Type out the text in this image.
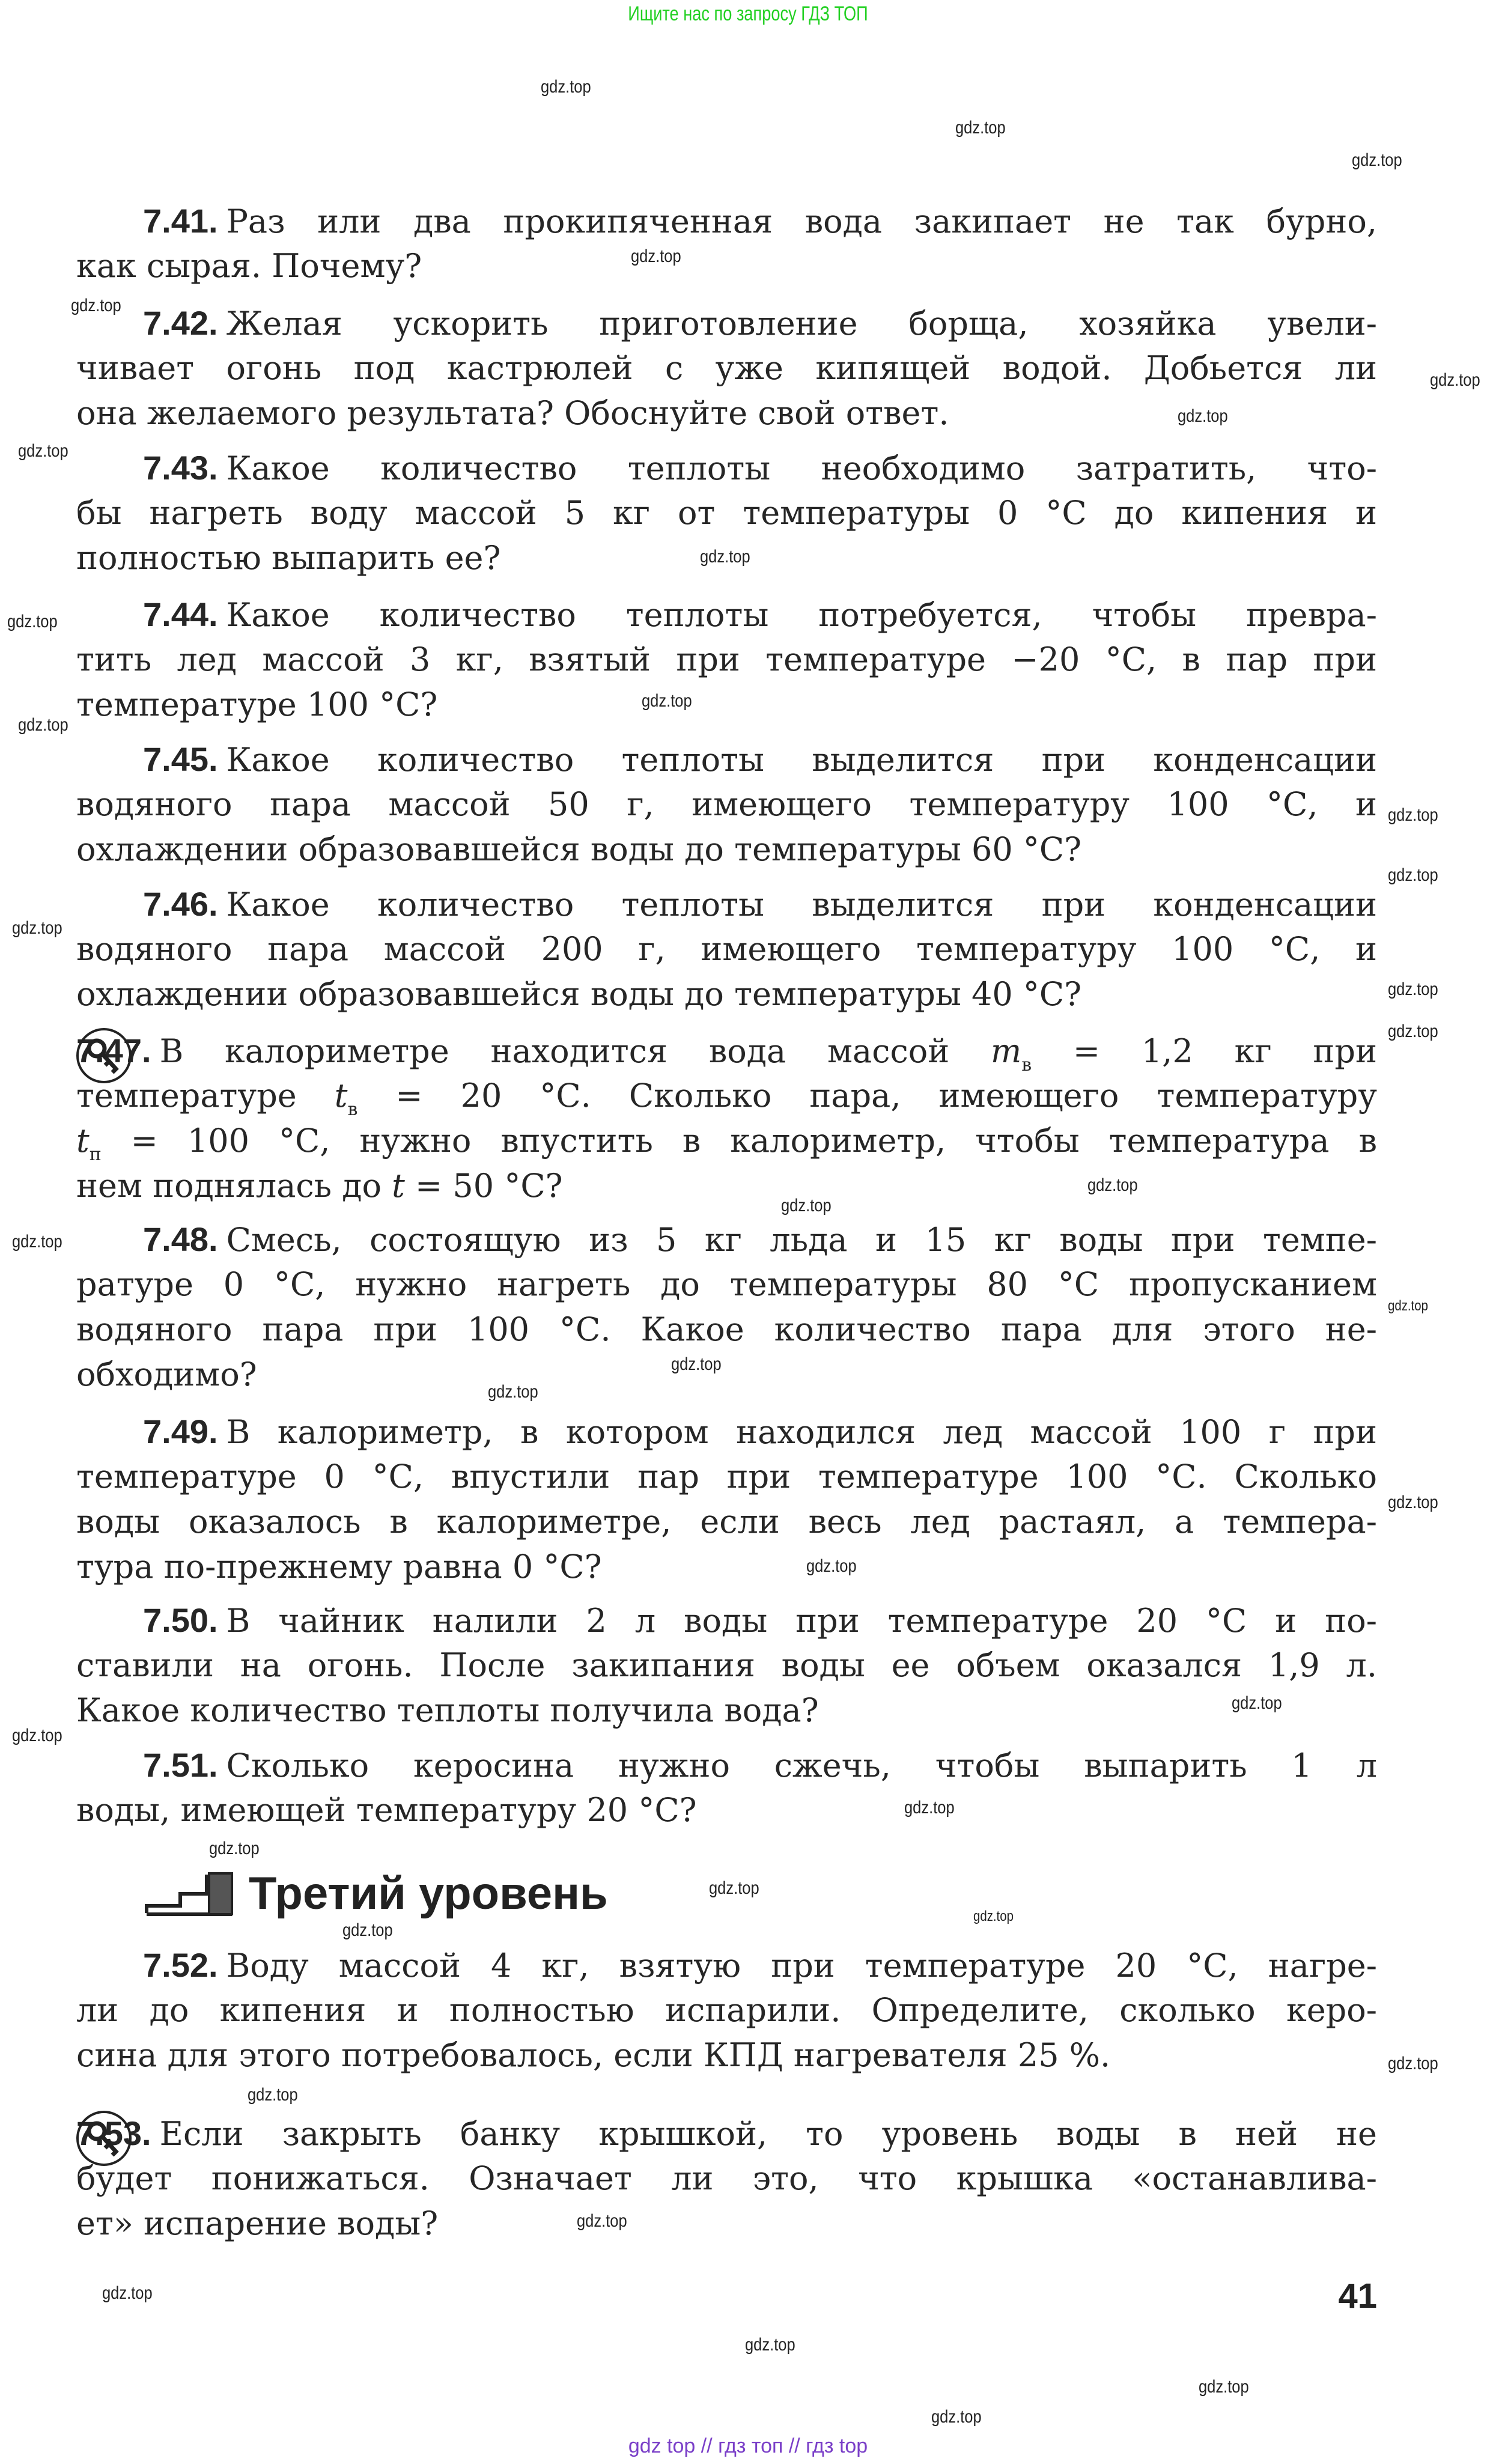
Ищите нас по запросу ГДЗ ТОП
7.41. Раз или два прокипяченная вода закипает не так бурно,
как сырая. Почему?
7.42. Желая ускорить приготовление борща, хозяйка увели-
чивает огонь под кастрюлей с уже кипящей водой. Добьется ли
она желаемого результата? Обоснуйте свой ответ.
7.43. Какое количество теплоты необходимо затратить, что-
бы нагреть воду массой 5 кг от температуры 0 °С до кипения и
полностью выпарить ее?
7.44. Какое количество теплоты потребуется, чтобы превра-
тить лед массой 3 кг, взятый при температуре −20 °С, в пар при
температуре 100 °С?
7.45. Какое количество теплоты выделится при конденсации
водяного пара массой 50 г, имеющего температуру 100 °С, и
охлаждении образовавшейся воды до температуры 60 °С?
7.46. Какое количество теплоты выделится при конденсации
водяного пара массой 200 г, имеющего температуру 100 °С, и
охлаждении образовавшейся воды до температуры 40 °С?
7.47. В калориметре находится вода массой $m_в = 1,2$ кг при
температуре $t_в = 20$ °С. Сколько пара, имеющего температуру
$t_п = 100$ °С, нужно впустить в калориметр, чтобы температура в
нем поднялась до t = 50 °С?
7.48. Смесь, состоящую из 5 кг льда и 15 кг воды при темпе-
ратуре 0 °С, нужно нагреть до температуры 80 °С пропусканием
водяного пара при 100 °С. Какое количество пара для этого не-
обходимо?
7.49. В калориметр, в котором находился лед массой 100 г при
температуре 0 °С, впустили пар при температуре 100 °С. Сколько
воды оказалось в калориметре, если весь лед растаял, а темпера-
тура по-прежнему равна 0 °С?
7.50. В чайник налили 2 л воды при температуре 20 °С и по-
ставили на огонь. После закипания воды ее объем оказался 1,9 л.
Какое количество теплоты получила вода?
7.51. Сколько керосина нужно сжечь, чтобы выпарить 1 л
воды, имеющей температуру 20 °С?
7.52. Воду массой 4 кг, взятую при температуре 20 °С, нагре-
ли до кипения и полностью испарили. Определите, сколько керо-
сина для этого потребовалось, если КПД нагревателя 25 %.
7.53. Если закрыть банку крышкой, то уровень воды в ней не
будет понижаться. Означает ли это, что крышка «останавлива-
ет» испарение воды?
Третий уровень
41
gdz top // гдз топ // гдз top
gdz.top
gdz.top
gdz.top
gdz.top
gdz.top
gdz.top
gdz.top
gdz.top
gdz.top
gdz.top
gdz.top
gdz.top
gdz.top
gdz.top
gdz.top
gdz.top
gdz.top
gdz.top
gdz.top
gdz.top
gdz.top
gdz.top
gdz.top
gdz.top
gdz.top
gdz.top
gdz.top
gdz.top
gdz.top
gdz.top
gdz.top
gdz.top
gdz.top
gdz.top
gdz.top
gdz.top
gdz.top
gdz.top
gdz.top
